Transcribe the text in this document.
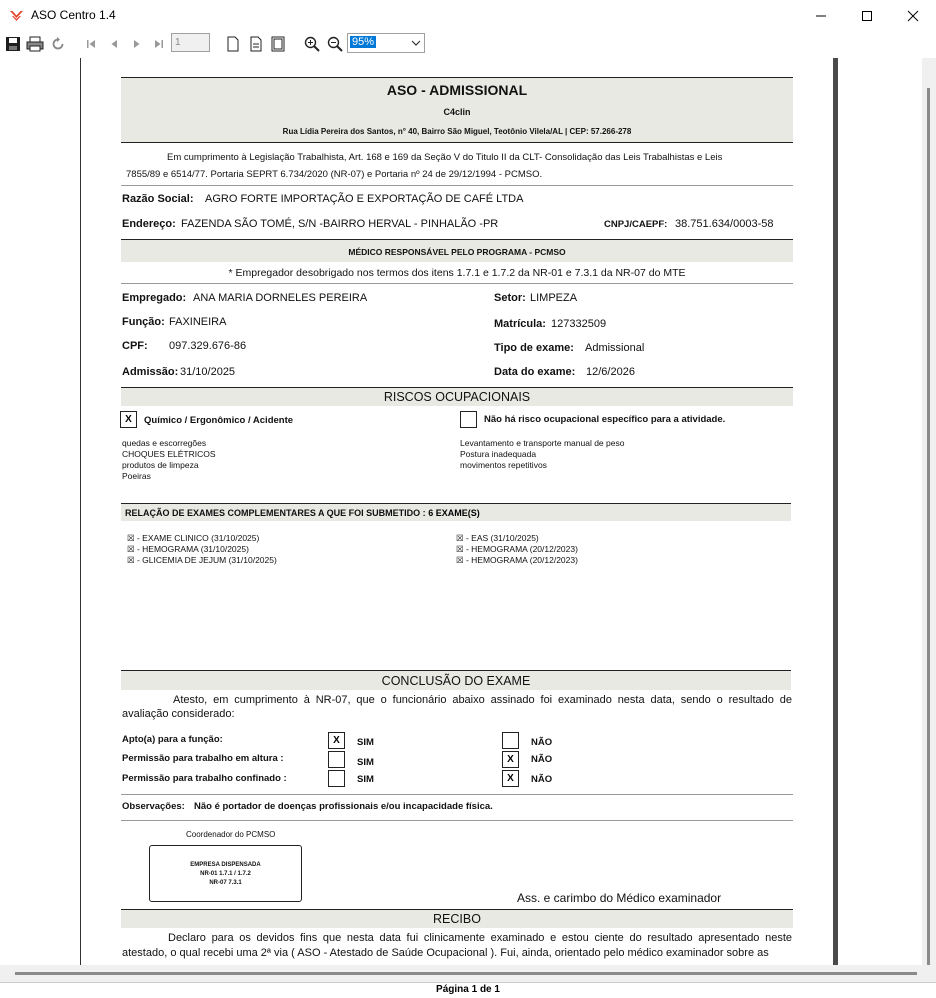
ASO Centro 1.4
1	95%
ASO - ADMISSIONAL
C4clin
Rua Lídia Pereira dos Santos, n° 40, Bairro São Miguel, Teotônio Vilela/AL | CEP: 57.266-278
Em cumprimento à Legislação Trabalhista, Art. 168 e 169 da Seção V do Titulo II da CLT- Consolidação das Leis Trabalhistas e Leis
7855/89 e 6514/77. Portaria SEPRT 6.734/2020 (NR-07) e Portaria nº 24 de 29/12/1994 - PCMSO.
Razão Social: AGRO FORTE IMPORTAÇÃO E EXPORTAÇÃO DE CAFÉ LTDA
Endereço: FAZENDA SÃO TOMÉ, S/N -BAIRRO HERVAL - PINHALÃO -PR	CNPJ/CAEPF: 38.751.634/0003-58
MÉDICO RESPONSÁVEL PELO PROGRAMA - PCMSO
* Empregador desobrigado nos termos dos itens 1.7.1 e 1.7.2 da NR-01 e 7.3.1 da NR-07 do MTE
Empregado: ANA MARIA DORNELES PEREIRA	Setor: LIMPEZA
Função: FAXINEIRA	Matrícula: 127332509
CPF: 097.329.676-86	Tipo de exame: Admissional
Admissão: 31/10/2025	Data do exame: 12/6/2026
RISCOS OCUPACIONAIS
X	Químico / Ergonômico / Acidente	Não há risco ocupacional específico para a atividade.
quedas e escorregões
CHOQUES ELÉTRICOS
produtos de limpeza
Poeiras
Levantamento e transporte manual de peso
Postura inadequada
movimentos repetitivos
RELAÇÃO DE EXAMES COMPLEMENTARES A QUE FOI SUBMETIDO : 6 EXAME(S)
☒ - EXAME CLINICO (31/10/2025)
☒ - HEMOGRAMA (31/10/2025)
☒ - GLICEMIA DE JEJUM (31/10/2025)
☒ - EAS (31/10/2025)
☒ - HEMOGRAMA (20/12/2023)
☒ - HEMOGRAMA (20/12/2023)
CONCLUSÃO DO EXAME
Atesto, em cumprimento à NR-07, que o funcionário abaixo assinado foi examinado nesta data, sendo o resultado de avaliação considerado:
Apto(a) para a função:	X	SIM	NÃO
Permissão para trabalho em altura :	SIM	X	NÃO
Permissão para trabalho confinado :	SIM	X	NÃO
Observações: Não é portador de doenças profissionais e/ou incapacidade física.
Coordenador do PCMSO
EMPRESA DISPENSADA
NR-01 1.7.1 / 1.7.2
NR-07 7.3.1
Ass. e carimbo do Médico examinador
RECIBO
Declaro para os devidos fins que nesta data fui clinicamente examinado e estou ciente do resultado apresentado neste atestado, o qual recebi uma 2ª via ( ASO - Atestado de Saúde Ocupacional ). Fui, ainda, orientado pelo médico examinador sobre as
Página 1 de 1
